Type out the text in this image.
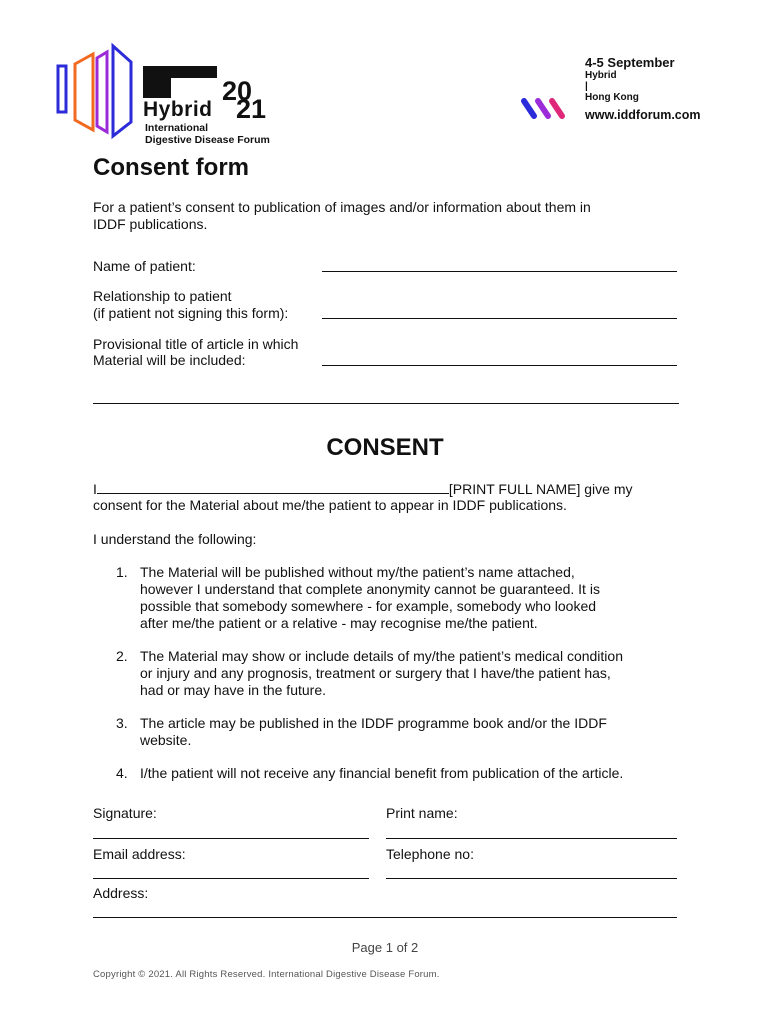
20
21
Hybrid
International
Digestive Disease Forum
4-5 September
Hybrid
|
Hong Kong
www.iddforum.com
Consent form
For a patient’s consent to publication of images and/or information about them in
IDDF publications.
Name of patient:
Relationship to patient
(if patient not signing this form):
Provisional title of article in which
Material will be included:
CONSENT
I	[PRINT FULL NAME] give my
consent for the Material about me/the patient to appear in IDDF publications.
I understand the following:
1. The Material will be published without my/the patient’s name attached,
however I understand that complete anonymity cannot be guaranteed. It is
possible that somebody somewhere - for example, somebody who looked
after me/the patient or a relative - may recognise me/the patient.
2. The Material may show or include details of my/the patient’s medical condition
or injury and any prognosis, treatment or surgery that I have/the patient has,
had or may have in the future.
3. The article may be published in the IDDF programme book and/or the IDDF
website.
4. I/the patient will not receive any financial benefit from publication of the article.
Signature:	Print name:
Email address:	Telephone no:
Address:
Page 1 of 2
Copyright © 2021. All Rights Reserved. International Digestive Disease Forum.
